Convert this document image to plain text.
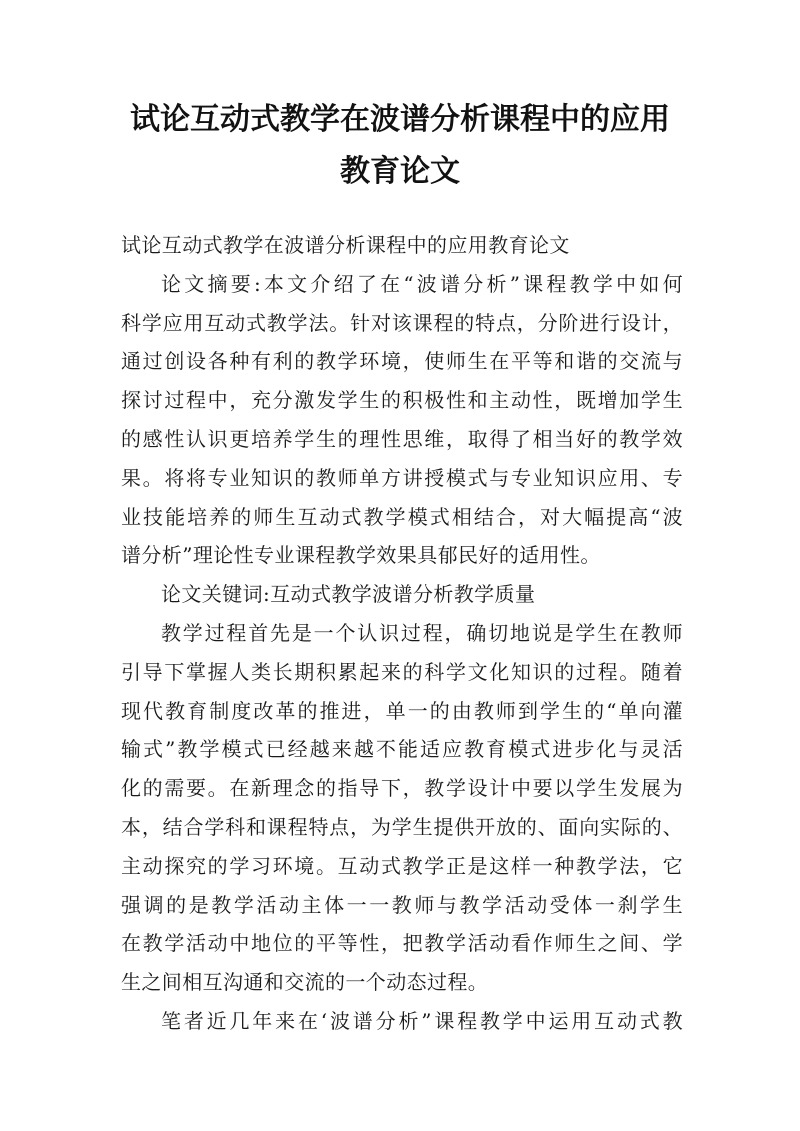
试论互动式教学在波谱分析课程中的应用
教育论文
试论互动式教学在波谱分析课程中的应用教育论文
论文摘要:本文介绍了在“波谱分析”课程教学中如何
科学应用互动式教学法。针对该课程的特点，分阶进行设计，
通过创设各种有利的教学环境，使师生在平等和谐的交流与
探讨过程中，充分激发学生的积极性和主动性，既增加学生
的感性认识更培养学生的理性思维，取得了相当好的教学效
果。将将专业知识的教师单方讲授模式与专业知识应用、专
业技能培养的师生互动式教学模式相结合，对大幅提高“波
谱分析”理论性专业课程教学效果具郁民好的适用性。
论文关键词:互动式教学波谱分析教学质量
教学过程首先是一个认识过程，确切地说是学生在教师
引导下掌握人类长期积累起来的科学文化知识的过程。随着
现代教育制度改革的推进，单一的由教师到学生的“单向灌
输式”教学模式已经越来越不能适应教育模式进步化与灵活
化的需要。在新理念的指导下，教学设计中要以学生发展为
本，结合学科和课程特点，为学生提供开放的、面向实际的、
主动探究的学习环境。互动式教学正是这样一种教学法，它
强调的是教学活动主体一一教师与教学活动受体一刹学生
在教学活动中地位的平等性，把教学活动看作师生之间、学
生之间相互沟通和交流的一个动态过程。
笔者近几年来在‘波谱分析”课程教学中运用互动式教
